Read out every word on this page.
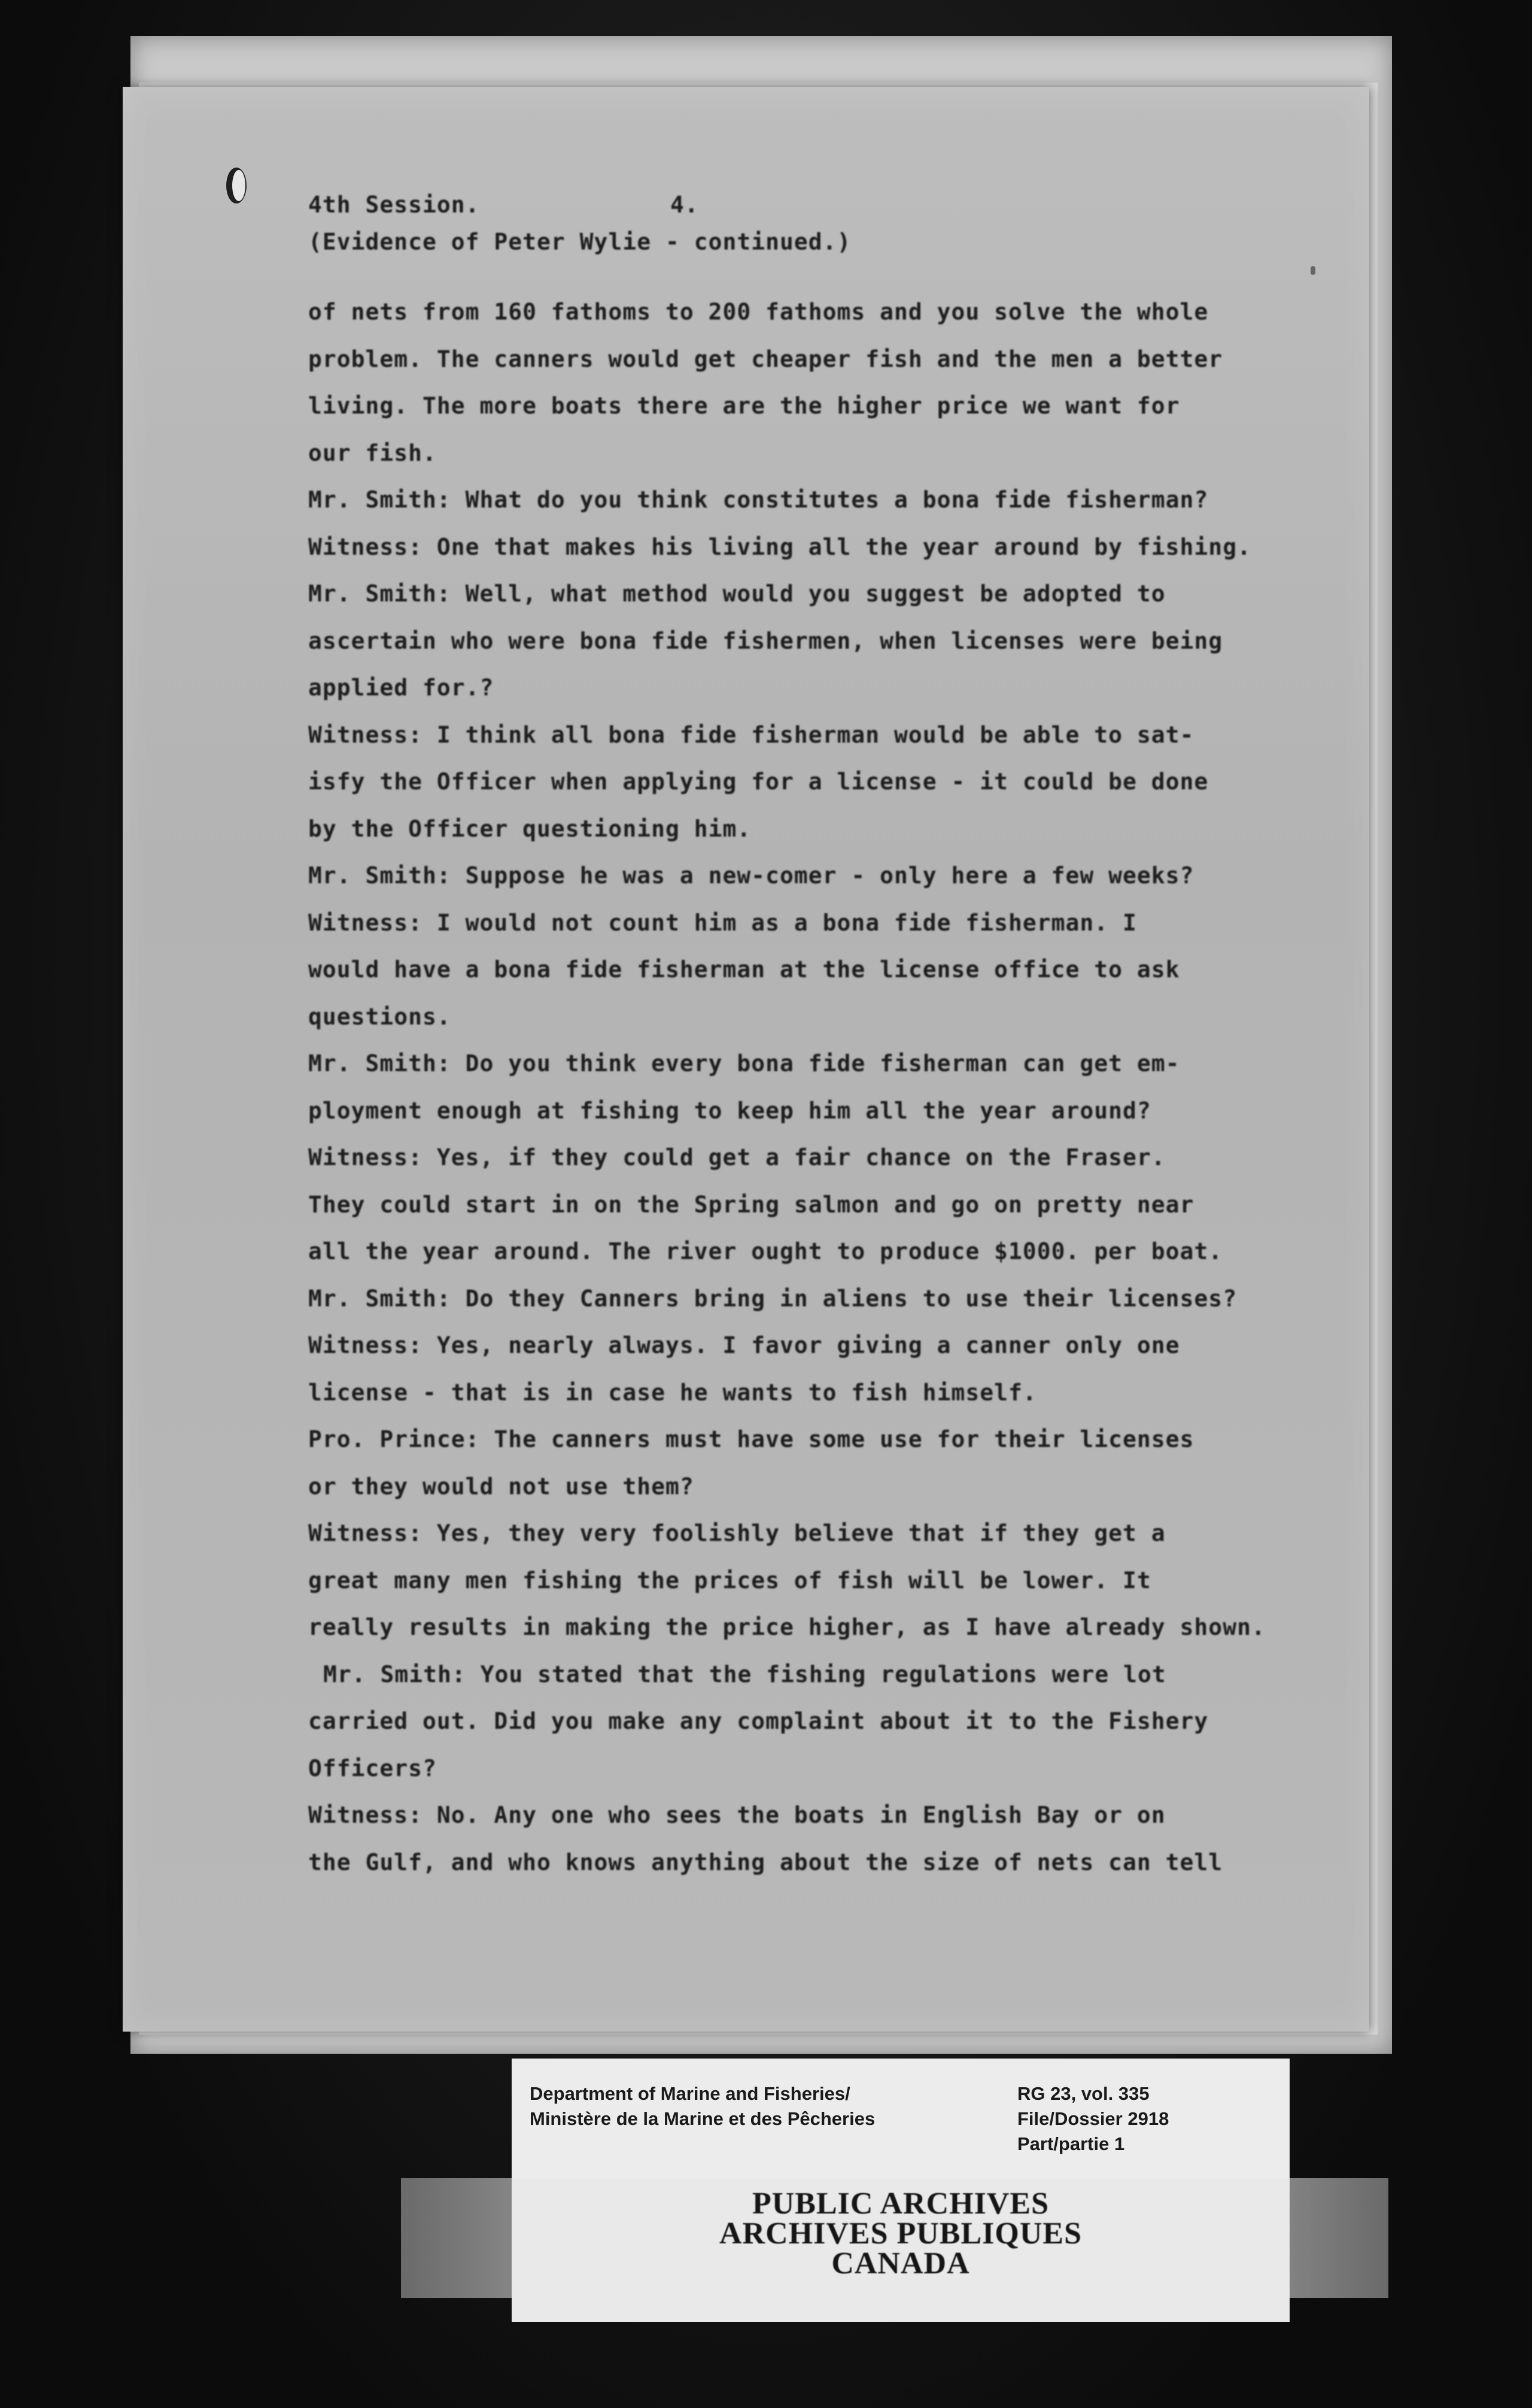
4th Session.	4.
(Evidence of Peter Wylie - continued.)
of nets from 160 fathoms to 200 fathoms and you solve the whole
problem. The canners would get cheaper fish and the men a better
living. The more boats there are the higher price we want for
our fish.
Mr. Smith: What do you think constitutes a bona fide fisherman?
Witness: One that makes his living all the year around by fishing.
Mr. Smith: Well, what method would you suggest be adopted to
ascertain who were bona fide fishermen, when licenses were being
applied for.?
Witness: I think all bona fide fisherman would be able to sat-
isfy the Officer when applying for a license - it could be done
by the Officer questioning him.
Mr. Smith: Suppose he was a new-comer - only here a few weeks?
Witness: I would not count him as a bona fide fisherman. I
would have a bona fide fisherman at the license office to ask
questions.
Mr. Smith: Do you think every bona fide fisherman can get em-
ployment enough at fishing to keep him all the year around?
Witness: Yes, if they could get a fair chance on the Fraser.
They could start in on the Spring salmon and go on pretty near
all the year around. The river ought to produce $1000. per boat.
Mr. Smith: Do they Canners bring in aliens to use their licenses?
Witness: Yes, nearly always. I favor giving a canner only one
license - that is in case he wants to fish himself.
Pro. Prince: The canners must have some use for their licenses
or they would not use them?
Witness: Yes, they very foolishly believe that if they get a
great many men fishing the prices of fish will be lower. It
really results in making the price higher, as I have already shown.
Mr. Smith: You stated that the fishing regulations were lot
carried out. Did you make any complaint about it to the Fishery
Officers?
Witness: No. Any one who sees the boats in English Bay or on
the Gulf, and who knows anything about the size of nets can tell
Department of Marine and Fisheries/
Ministère de la Marine et des Pêcheries
RG 23, vol. 335
File/Dossier 2918
Part/partie 1
PUBLIC ARCHIVES
ARCHIVES PUBLIQUES
CANADA
